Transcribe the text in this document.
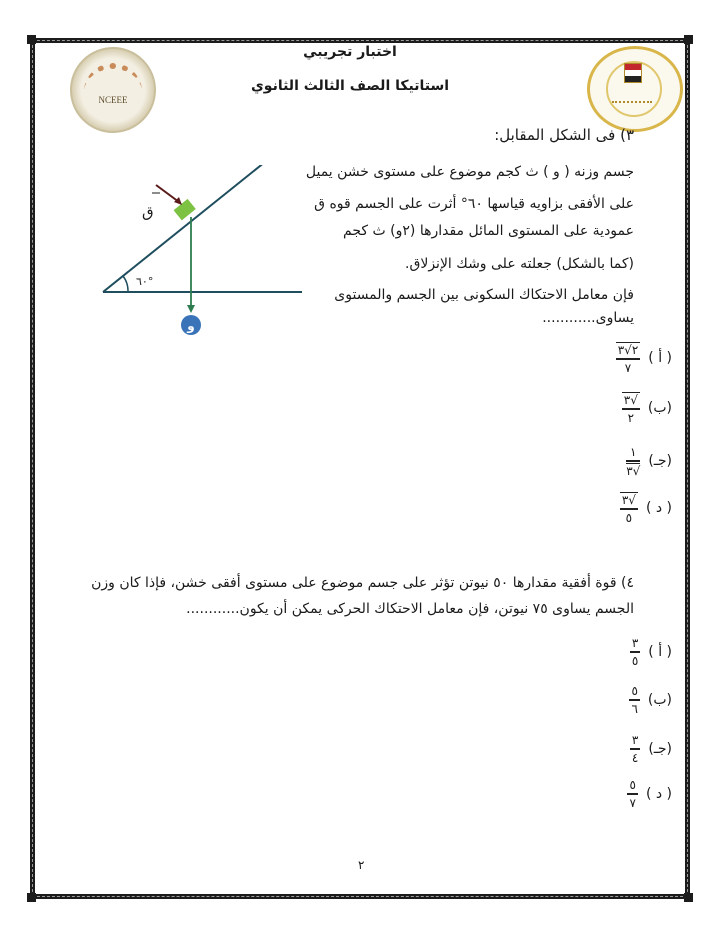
NCEEE
اختبار تجريبي
استاتيكا الصف الثالث الثانوي
٣) فى الشكل المقابل:
جسم وزنه ( و ) ث كجم موضوع على مستوى خشن يميل
على الأفقى بزاويه قياسها ٦٠° أثرت على الجسم قوه ق
عمودية على المستوى المائل مقدارها (٢و) ث كجم
(كما بالشكل) جعلته على وشك الإنزلاق.
فإن معامل الاحتكاك السكونى بين الجسم والمستوى
يساوى............
٦٠°
ق
و
( أ )
$\frac{٢√٣}{٧}$
(ب)
$\frac{√٣}{٢}$
(جـ)
$\frac{١}{√٣}$
( د )
$\frac{√٣}{٥}$
٤) قوة أفقية مقدارها ٥٠ نيوتن تؤثر على جسم موضوع على مستوى أفقى خشن، فإذا كان وزن
الجسم يساوى ٧٥ نيوتن، فإن معامل الاحتكاك الحركى يمكن أن يكون............
( أ )
$\frac{٣}{٥}$
(ب)
$\frac{٥}{٦}$
(جـ)
$\frac{٣}{٤}$
( د )
$\frac{٥}{٧}$
٢
